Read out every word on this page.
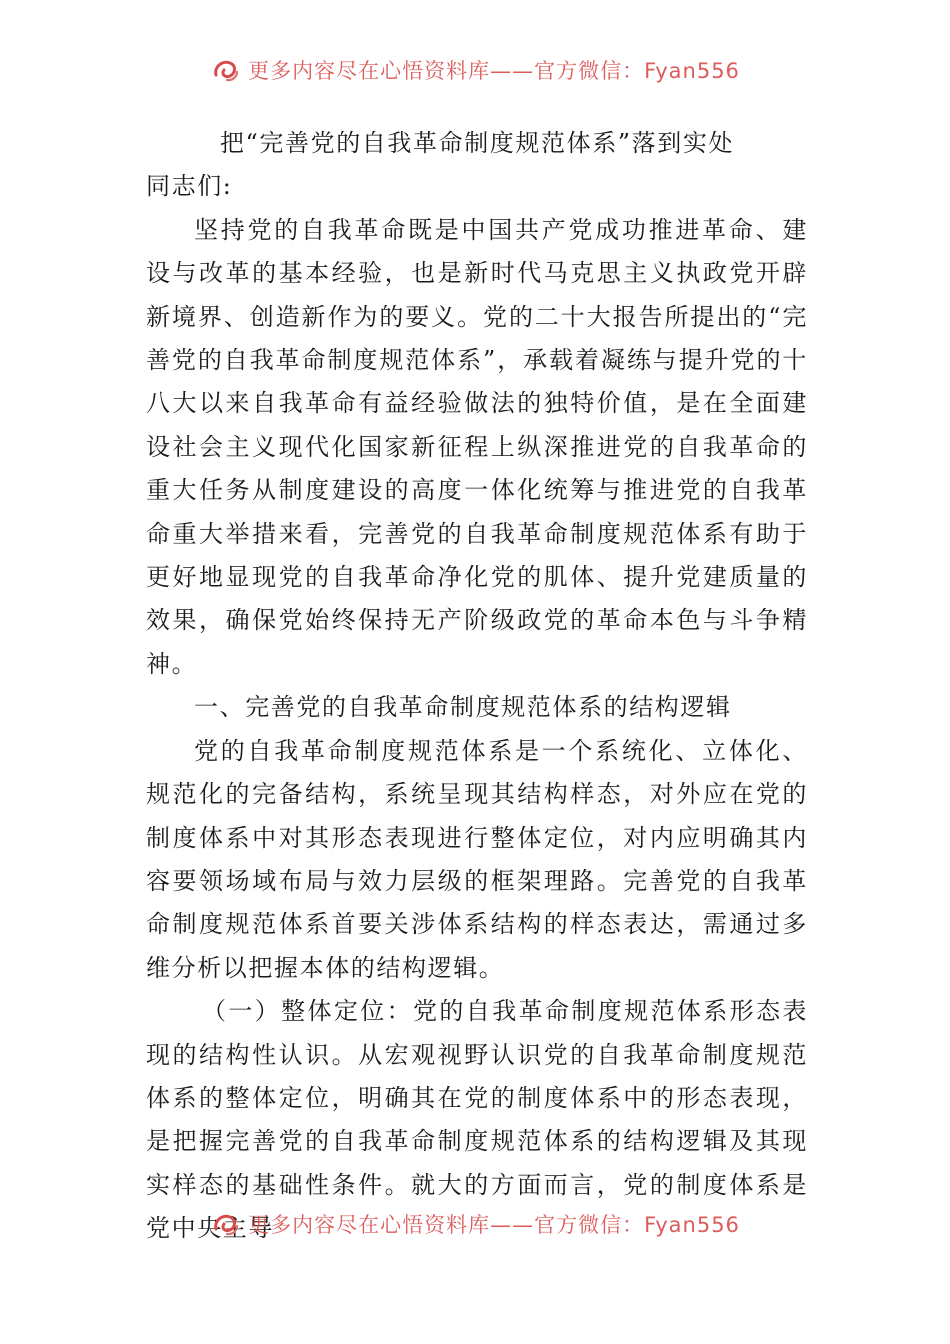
更多内容尽在心悟资料库——官方微信：Fyan556

把“完善党的自我革命制度规范体系”落到实处

同志们:

坚持党的自我革命既是中国共产党成功推进革命、建设与改革的基本经验，也是新时代马克思主义执政党开辟新境界、创造新作为的要义。党的二十大报告所提出的“完善党的自我革命制度规范体系”，承载着凝练与提升党的十八大以来自我革命有益经验做法的独特价值，是在全面建设社会主义现代化国家新征程上纵深推进党的自我革命的重大任务从制度建设的高度一体化统筹与推进党的自我革命重大举措来看，完善党的自我革命制度规范体系有助于更好地显现党的自我革命净化党的肌体、提升党建质量的效果，确保党始终保持无产阶级政党的革命本色与斗争精神。

一、完善党的自我革命制度规范体系的结构逻辑

党的自我革命制度规范体系是一个系统化、立体化、规范化的完备结构，系统呈现其结构样态，对外应在党的制度体系中对其形态表现进行整体定位，对内应明确其内容要领场域布局与效力层级的框架理路。完善党的自我革命制度规范体系首要关涉体系结构的样态表达，需通过多维分析以把握本体的结构逻辑。

（一）整体定位：党的自我革命制度规范体系形态表现的结构性认识。从宏观视野认识党的自我革命制度规范体系的整体定位，明确其在党的制度体系中的形态表现，是把握完善党的自我革命制度规范体系的结构逻辑及其现实样态的基础性条件。就大的方面而言，党的制度体系是党中央主导

更多内容尽在心悟资料库——官方微信：Fyan556
